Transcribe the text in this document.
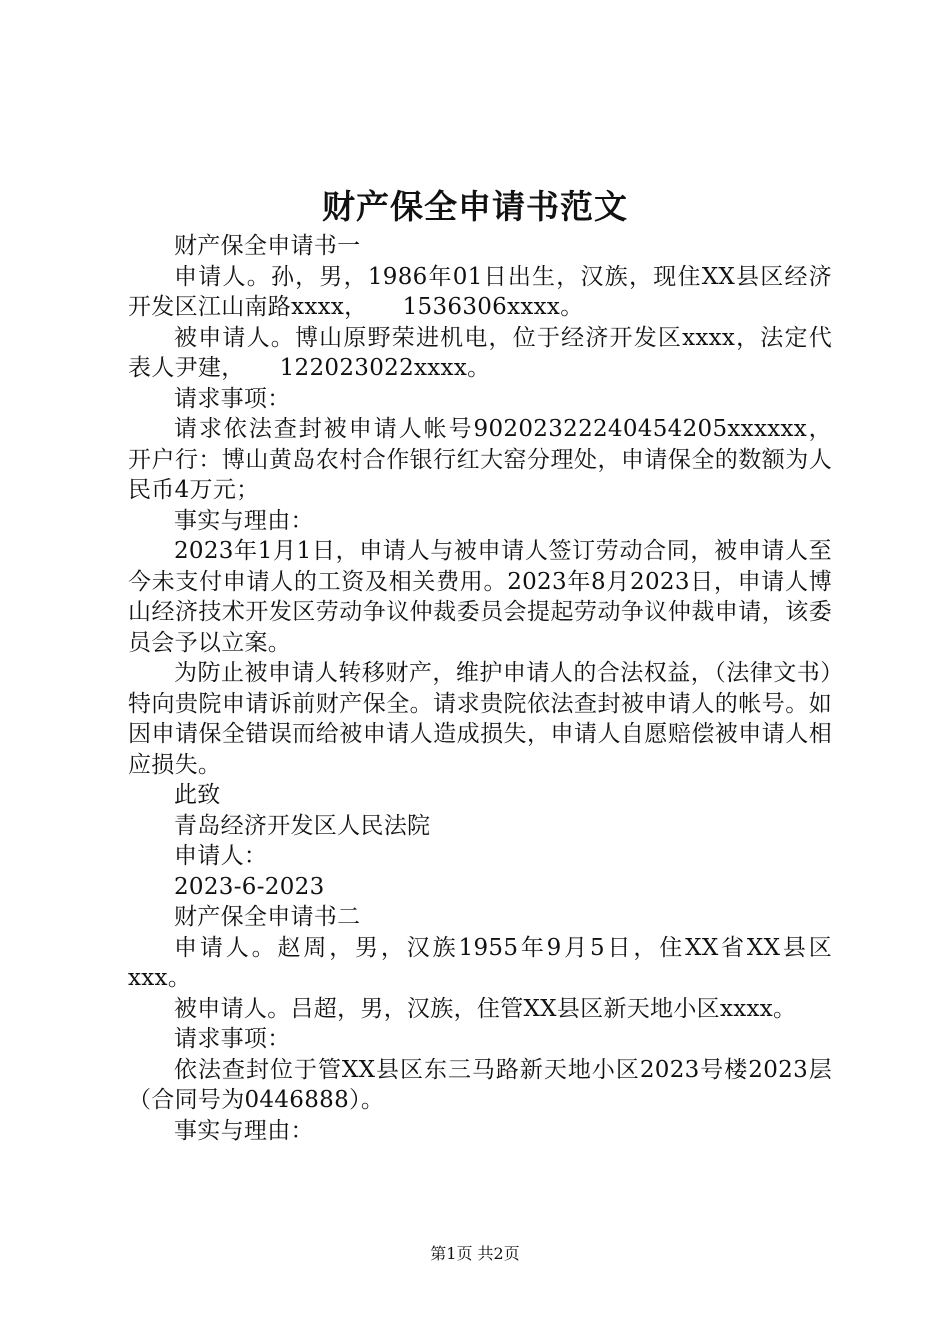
财产保全申请书范文

财产保全申请书一

申请人。孙，男，1986年01日出生，汉族，现住XX县区经济开发区江山南路xxxx，　　1536306xxxx。

被申请人。博山原野荣进机电，位于经济开发区xxxx，法定代表人尹建，　　122023022xxxx。

请求事项：

请求依法查封被申请人帐号90202322240454205xxxxxx，开户行：博山黄岛农村合作银行红大窑分理处，申请保全的数额为人民币4万元；

事实与理由：

2023年1月1日，申请人与被申请人签订劳动合同，被申请人至今未支付申请人的工资及相关费用。2023年8月2023日，申请人博山经济技术开发区劳动争议仲裁委员会提起劳动争议仲裁申请，该委员会予以立案。

为防止被申请人转移财产，维护申请人的合法权益，（法律文书）特向贵院申请诉前财产保全。请求贵院依法查封被申请人的帐号。如因申请保全错误而给被申请人造成损失，申请人自愿赔偿被申请人相应损失。

此致

青岛经济开发区人民法院

申请人：

2023-6-2023

财产保全申请书二

申请人。赵周，男，汉族1955年9月5日，住XX省XX县区xxx。

被申请人。吕超，男，汉族，住管XX县区新天地小区xxxx。

请求事项：

依法查封位于管XX县区东三马路新天地小区2023号楼2023层（合同号为0446888）。

事实与理由：

第1页 共2页
